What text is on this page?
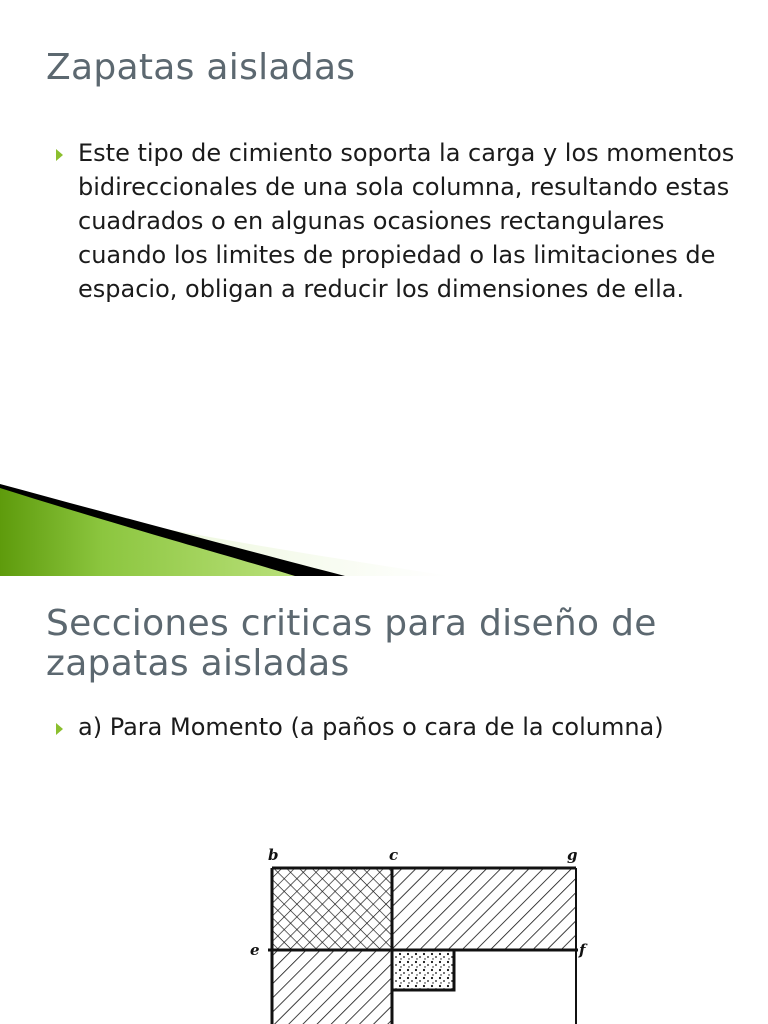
Zapatas aisladas
Este tipo de cimiento soporta la carga y los momentos bidireccionales de una sola columna, resultando estas cuadrados o en algunas ocasiones rectangulares cuando los limites de propiedad o las limitaciones de espacio, obligan a reducir los dimensiones de ella.
Secciones criticas para diseño de zapatas aisladas
a) Para Momento (a paños o cara de la columna)
b	c	g
e	f
